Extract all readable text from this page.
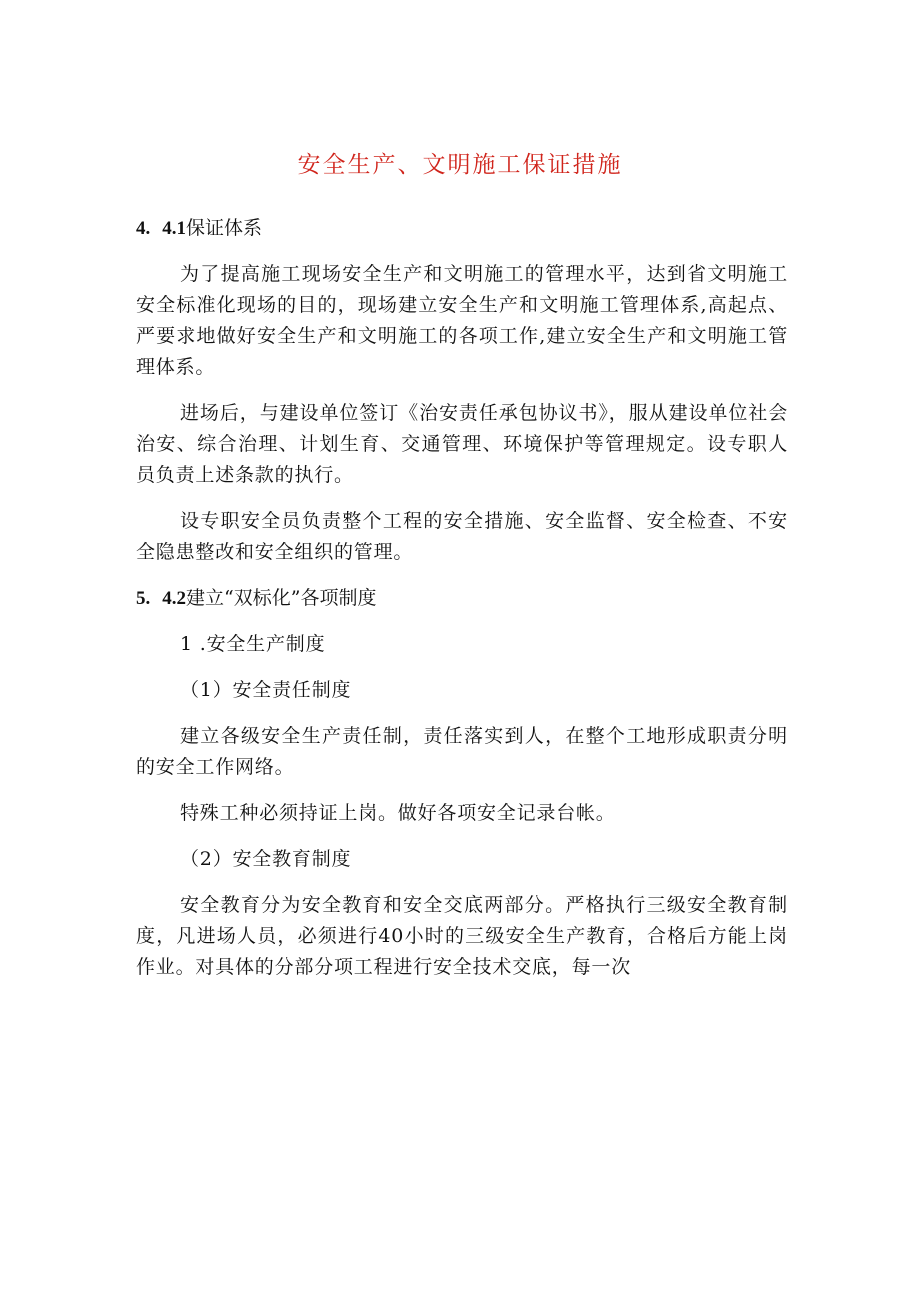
安全生产、文明施工保证措施
4. 4.1保证体系

为了提高施工现场安全生产和文明施工的管理水平，达到省文明施工安全标准化现场的目的，现场建立安全生产和文明施工管理体系,高起点、严要求地做好安全生产和文明施工的各项工作,建立安全生产和文明施工管理体系。

进场后，与建设单位签订《治安责任承包协议书》，服从建设单位社会治安、综合治理、计划生育、交通管理、环境保护等管理规定。设专职人员负责上述条款的执行。

设专职安全员负责整个工程的安全措施、安全监督、安全检查、不安全隐患整改和安全组织的管理。

5. 4.2建立“双标化”各项制度
1 .安全生产制度
（1）安全责任制度

建立各级安全生产责任制，责任落实到人，在整个工地形成职责分明的安全工作网络。

特殊工种必须持证上岗。做好各项安全记录台帐。

（2）安全教育制度

安全教育分为安全教育和安全交底两部分。严格执行三级安全教育制度，凡进场人员，必须进行40小时的三级安全生产教育，合格后方能上岗作业。对具体的分部分项工程进行安全技术交底，每一次
